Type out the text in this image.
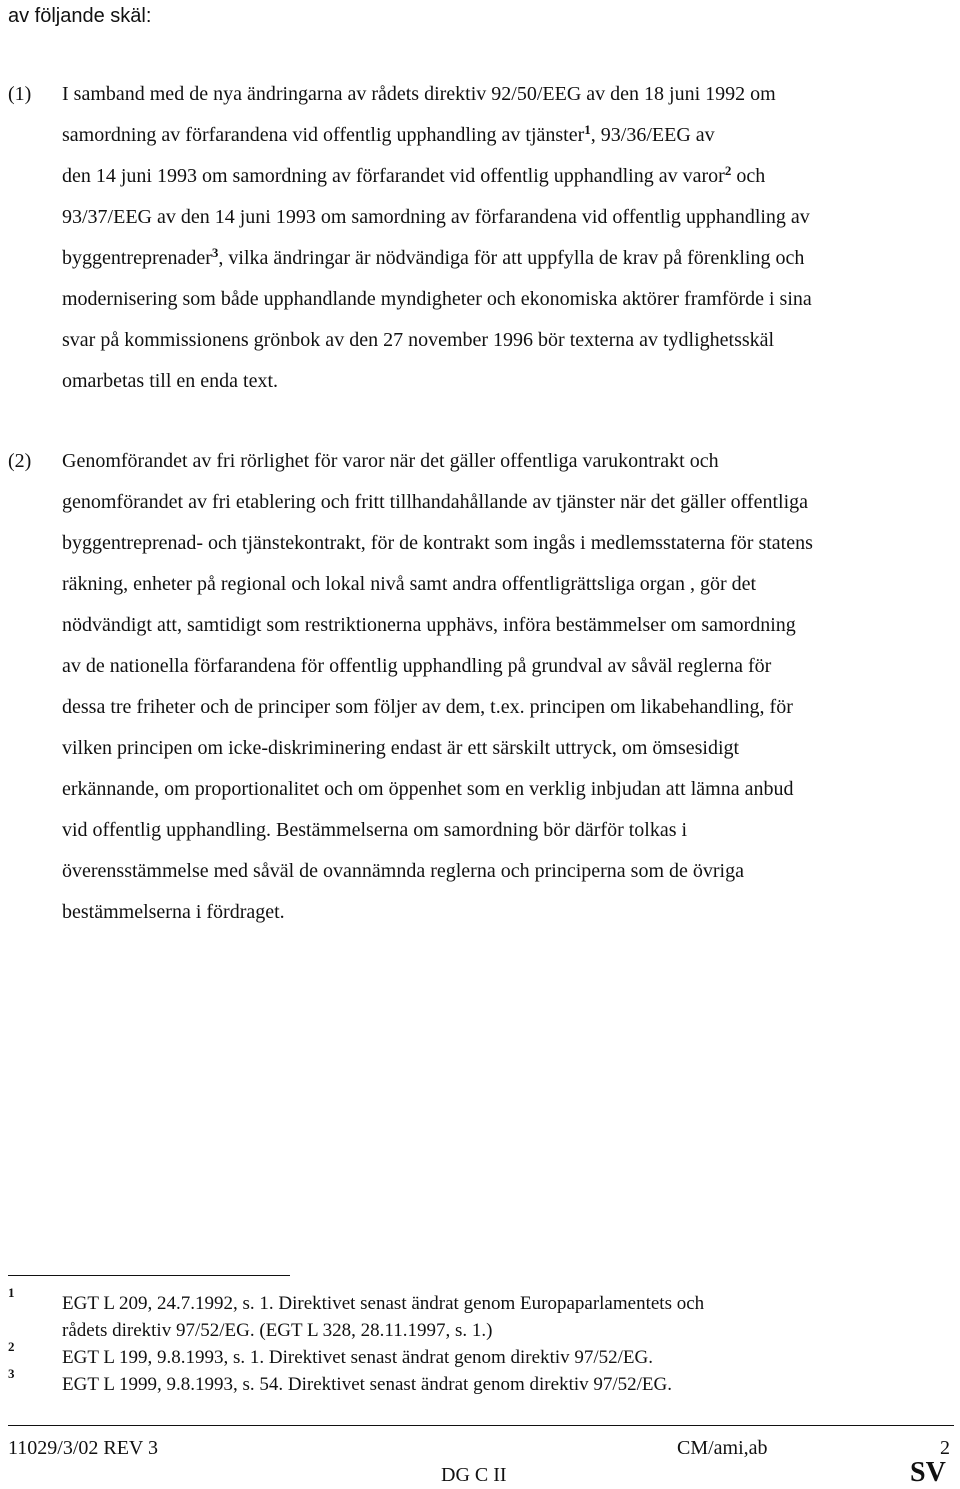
av följande skäl:
(1) I samband med de nya ändringarna av rådets direktiv 92/50/EEG av den 18 juni 1992 om
samordning av förfarandena vid offentlig upphandling av tjänster$^1$, 93/36/EEG av
den 14 juni 1993 om samordning av förfarandet vid offentlig upphandling av varor$^2$ och
93/37/EEG av den 14 juni 1993 om samordning av förfarandena vid offentlig upphandling av
byggentreprenader$^3$, vilka ändringar är nödvändiga för att uppfylla de krav på förenkling och
modernisering som både upphandlande myndigheter och ekonomiska aktörer framförde i sina
svar på kommissionens grönbok av den 27 november 1996 bör texterna av tydlighetsskäl
omarbetas till en enda text.
(2) Genomförandet av fri rörlighet för varor när det gäller offentliga varukontrakt och
genomförandet av fri etablering och fritt tillhandahållande av tjänster när det gäller offentliga
byggentreprenad- och tjänstekontrakt, för de kontrakt som ingås i medlemsstaterna för statens
räkning, enheter på regional och lokal nivå samt andra offentligrättsliga organ , gör det
nödvändigt att, samtidigt som restriktionerna upphävs, införa bestämmelser om samordning
av de nationella förfarandena för offentlig upphandling på grundval av såväl reglerna för
dessa tre friheter och de principer som följer av dem, t.ex. principen om likabehandling, för
vilken principen om icke-diskriminering endast är ett särskilt uttryck, om ömsesidigt
erkännande, om proportionalitet och om öppenhet som en verklig inbjudan att lämna anbud
vid offentlig upphandling. Bestämmelserna om samordning bör därför tolkas i
överensstämmelse med såväl de ovannämnda reglerna och principerna som de övriga
bestämmelserna i fördraget.
1
EGT L 209, 24.7.1992, s. 1. Direktivet senast ändrat genom Europaparlamentets och
rådets direktiv 97/52/EG. (EGT L 328, 28.11.1997, s. 1.)
2
EGT L 199, 9.8.1993, s. 1. Direktivet senast ändrat genom direktiv 97/52/EG.
3
EGT L 1999, 9.8.1993, s. 54. Direktivet senast ändrat genom direktiv 97/52/EG.
11029/3/02 REV 3	CM/ami,ab	2
DG C II	SV
